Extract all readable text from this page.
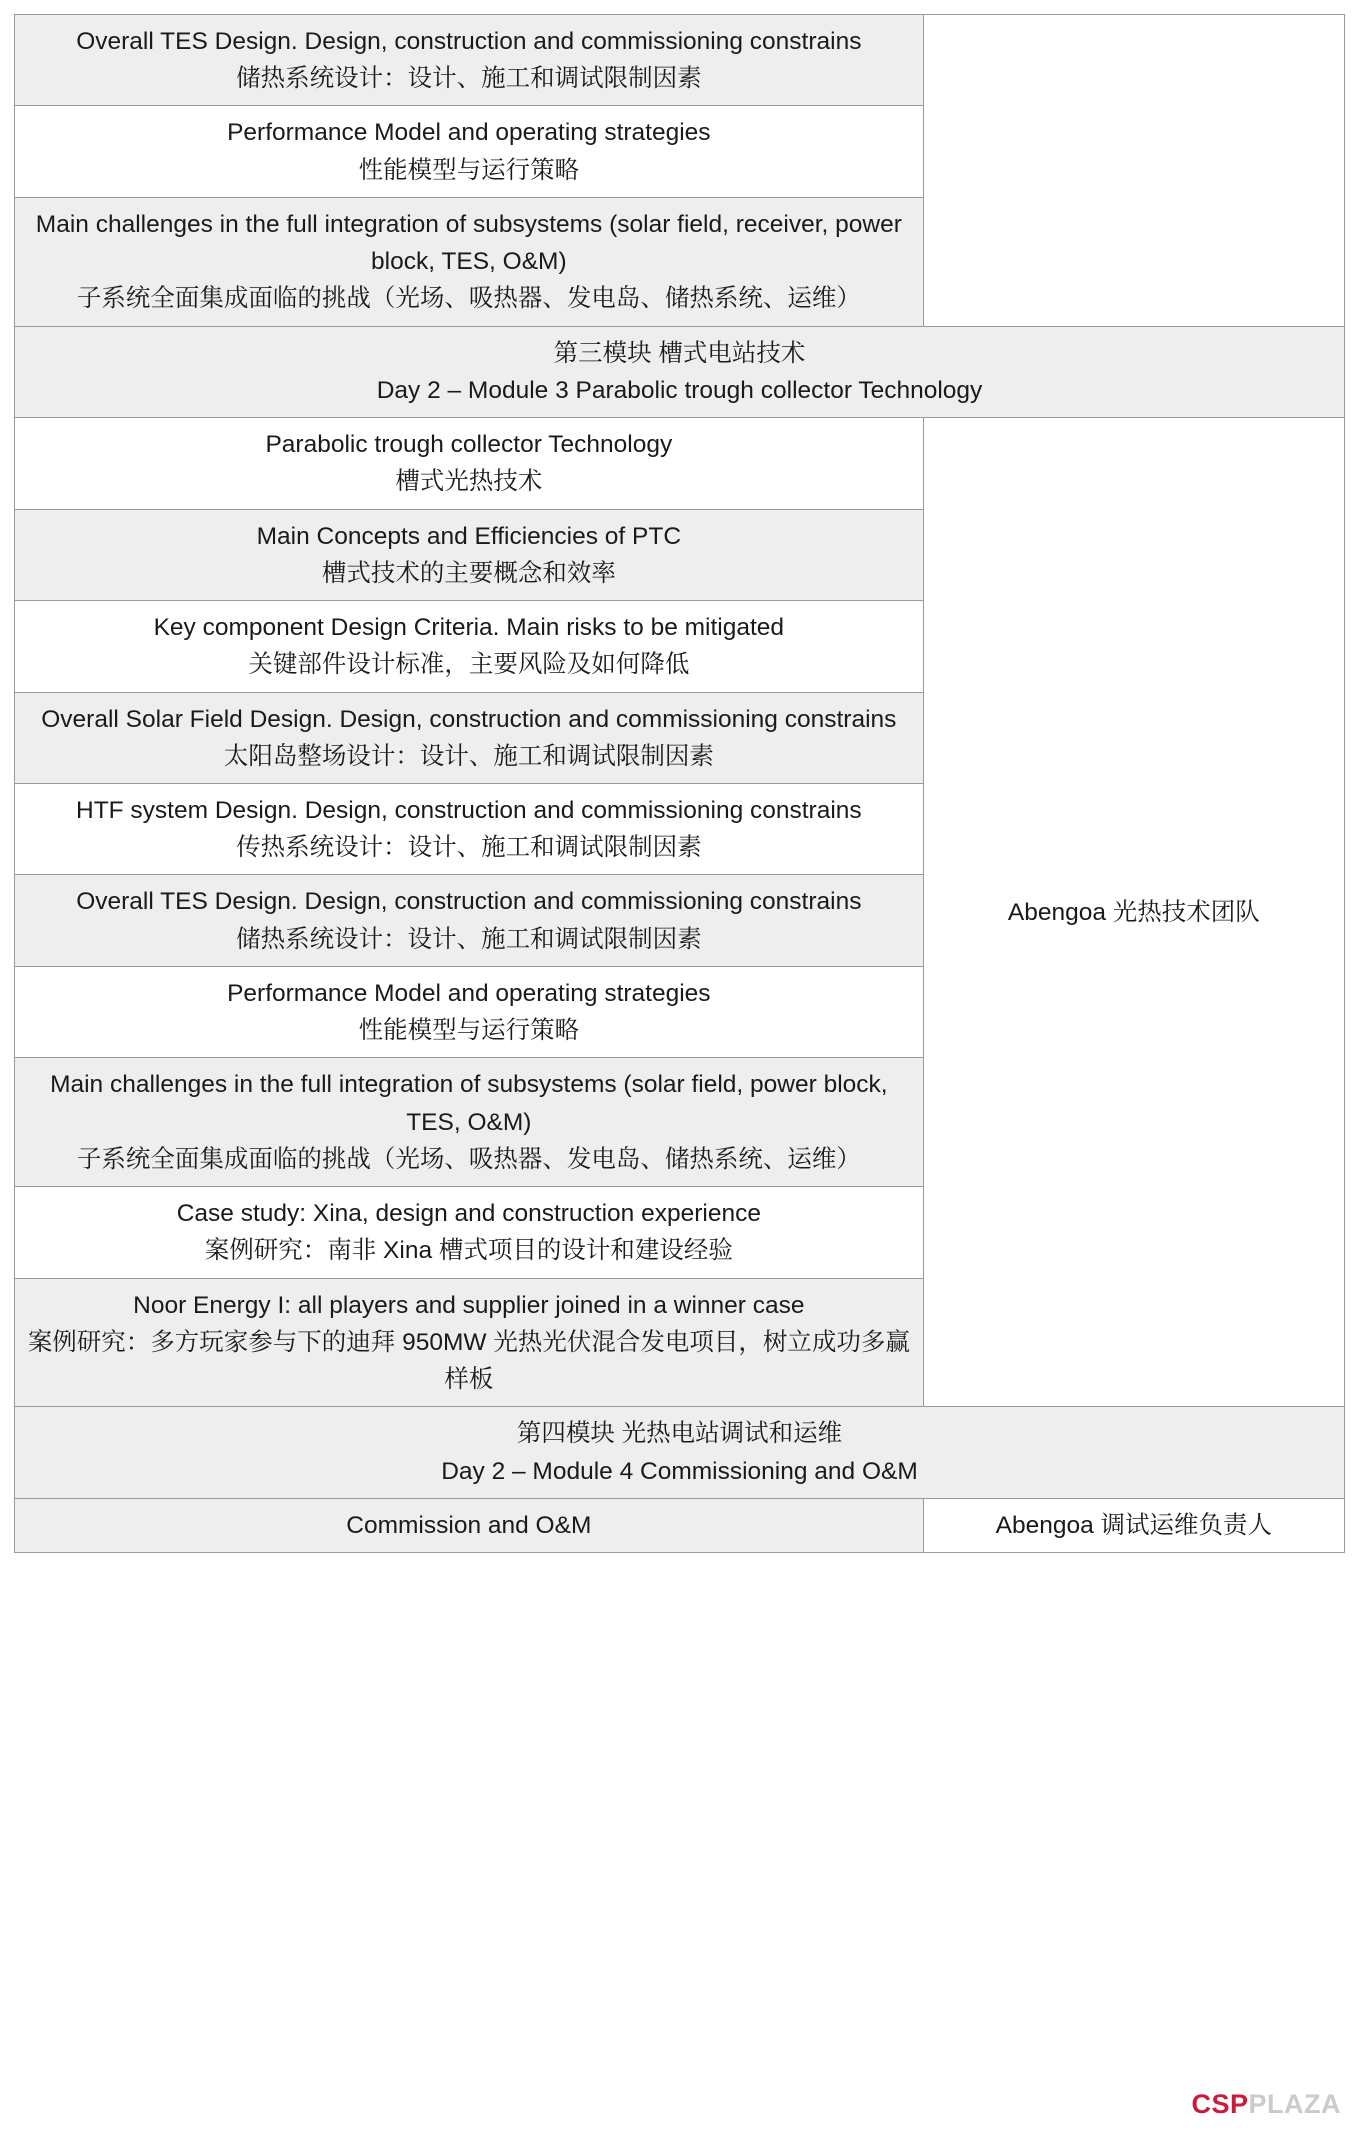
Overall TES Design. Design, construction and commissioning constrains
储热系统设计：设计、施工和调试限制因素	

Performance Model and operating strategies
性能模型与运行策略	

Main challenges in the full integration of subsystems (solar field, receiver, power block, TES, O&M)
子系统全面集成面临的挑战（光场、吸热器、发电岛、储热系统、运维）	

第三模块 槽式电站技术
Day 2 – Module 3 Parabolic trough collector Technology	

Parabolic trough collector Technology
槽式光热技术	Abengoa 光热技术团队

Main Concepts and Efficiencies of PTC
槽式技术的主要概念和效率	

Key component Design Criteria. Main risks to be mitigated
关键部件设计标准，主要风险及如何降低	

Overall Solar Field Design. Design, construction and commissioning constrains
太阳岛整场设计：设计、施工和调试限制因素	

HTF system Design. Design, construction and commissioning constrains
传热系统设计：设计、施工和调试限制因素	

Overall TES Design. Design, construction and commissioning constrains
储热系统设计：设计、施工和调试限制因素	

Performance Model and operating strategies
性能模型与运行策略	

Main challenges in the full integration of subsystems (solar field, power block, TES, O&M)
子系统全面集成面临的挑战（光场、吸热器、发电岛、储热系统、运维）	

Case study: Xina, design and construction experience
案例研究：南非 Xina 槽式项目的设计和建设经验	

Noor Energy I: all players and supplier joined in a winner case
案例研究：多方玩家参与下的迪拜 950MW 光热光伏混合发电项目，树立成功多赢样板	

第四模块 光热电站调试和运维
Day 2 – Module 4 Commissioning and O&M	

Commission and O&M	Abengoa 调试运维负责人
CSPPLAZA
